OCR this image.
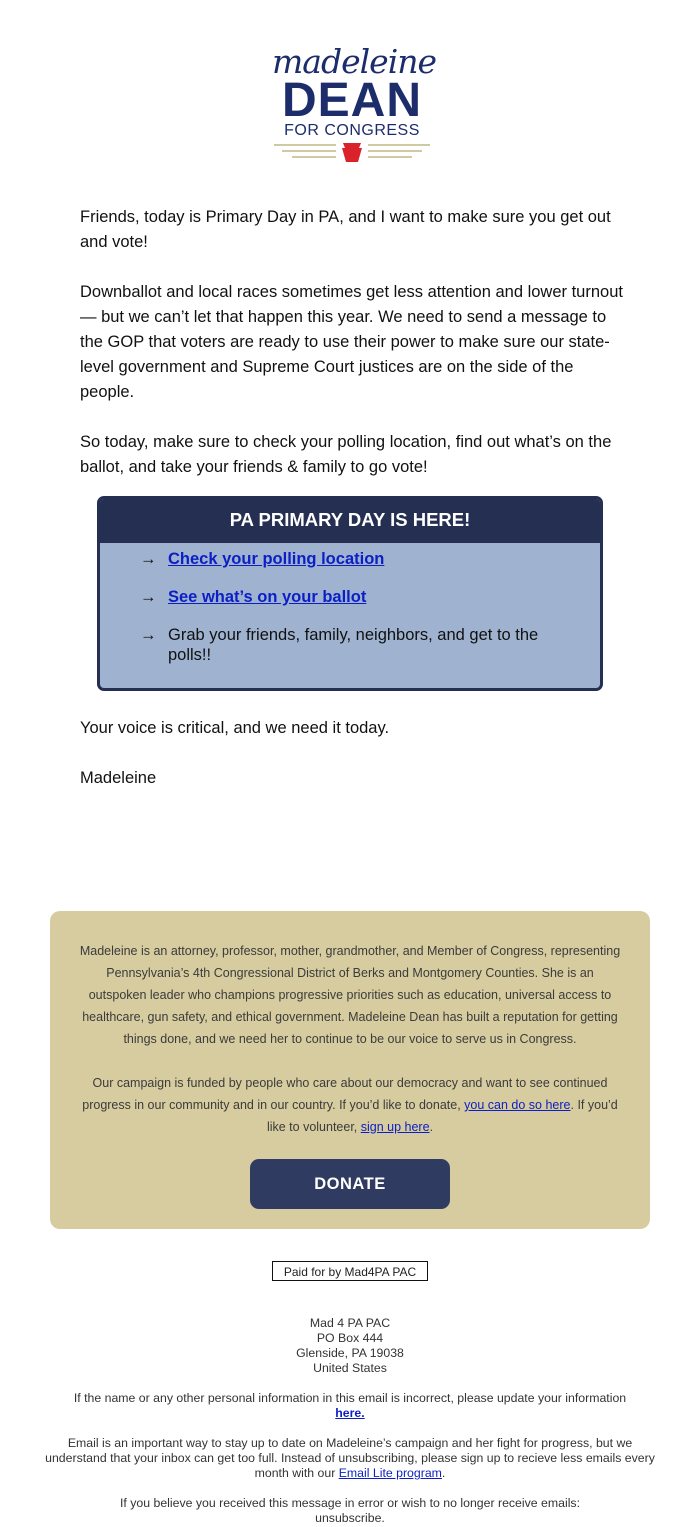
madeleine
DEAN
FOR CONGRESS

Friends, today is Primary Day in PA, and I want to make sure you get out and vote!

Downballot and local races sometimes get less attention and lower turnout — but we can’t let that happen this year. We need to send a message to the GOP that voters are ready to use their power to make sure our state-level government and Supreme Court justices are on the side of the people.

So today, make sure to check your polling location, find out what’s on the ballot, and take your friends & family to go vote!

PA PRIMARY DAY IS HERE!
→ Check your polling location
→ See what’s on your ballot
→ Grab your friends, family, neighbors, and get to the polls!!

Your voice is critical, and we need it today.

Madeleine

Madeleine is an attorney, professor, mother, grandmother, and Member of Congress, representing Pennsylvania’s 4th Congressional District of Berks and Montgomery Counties. She is an outspoken leader who champions progressive priorities such as education, universal access to healthcare, gun safety, and ethical government. Madeleine Dean has built a reputation for getting things done, and we need her to continue to be our voice to serve us in Congress.

Our campaign is funded by people who care about our democracy and want to see continued progress in our community and in our country. If you’d like to donate, you can do so here. If you’d like to volunteer, sign up here.

DONATE
Paid for by Mad4PA PAC

Mad 4 PA PAC
PO Box 444
Glenside, PA 19038
United States

If the name or any other personal information in this email is incorrect, please update your information
here.

Email is an important way to stay up to date on Madeleine’s campaign and her fight for progress, but we understand that your inbox can get too full. Instead of unsubscribing, please sign up to recieve less emails every month with our Email Lite program.

If you believe you received this message in error or wish to no longer receive emails:
unsubscribe.
